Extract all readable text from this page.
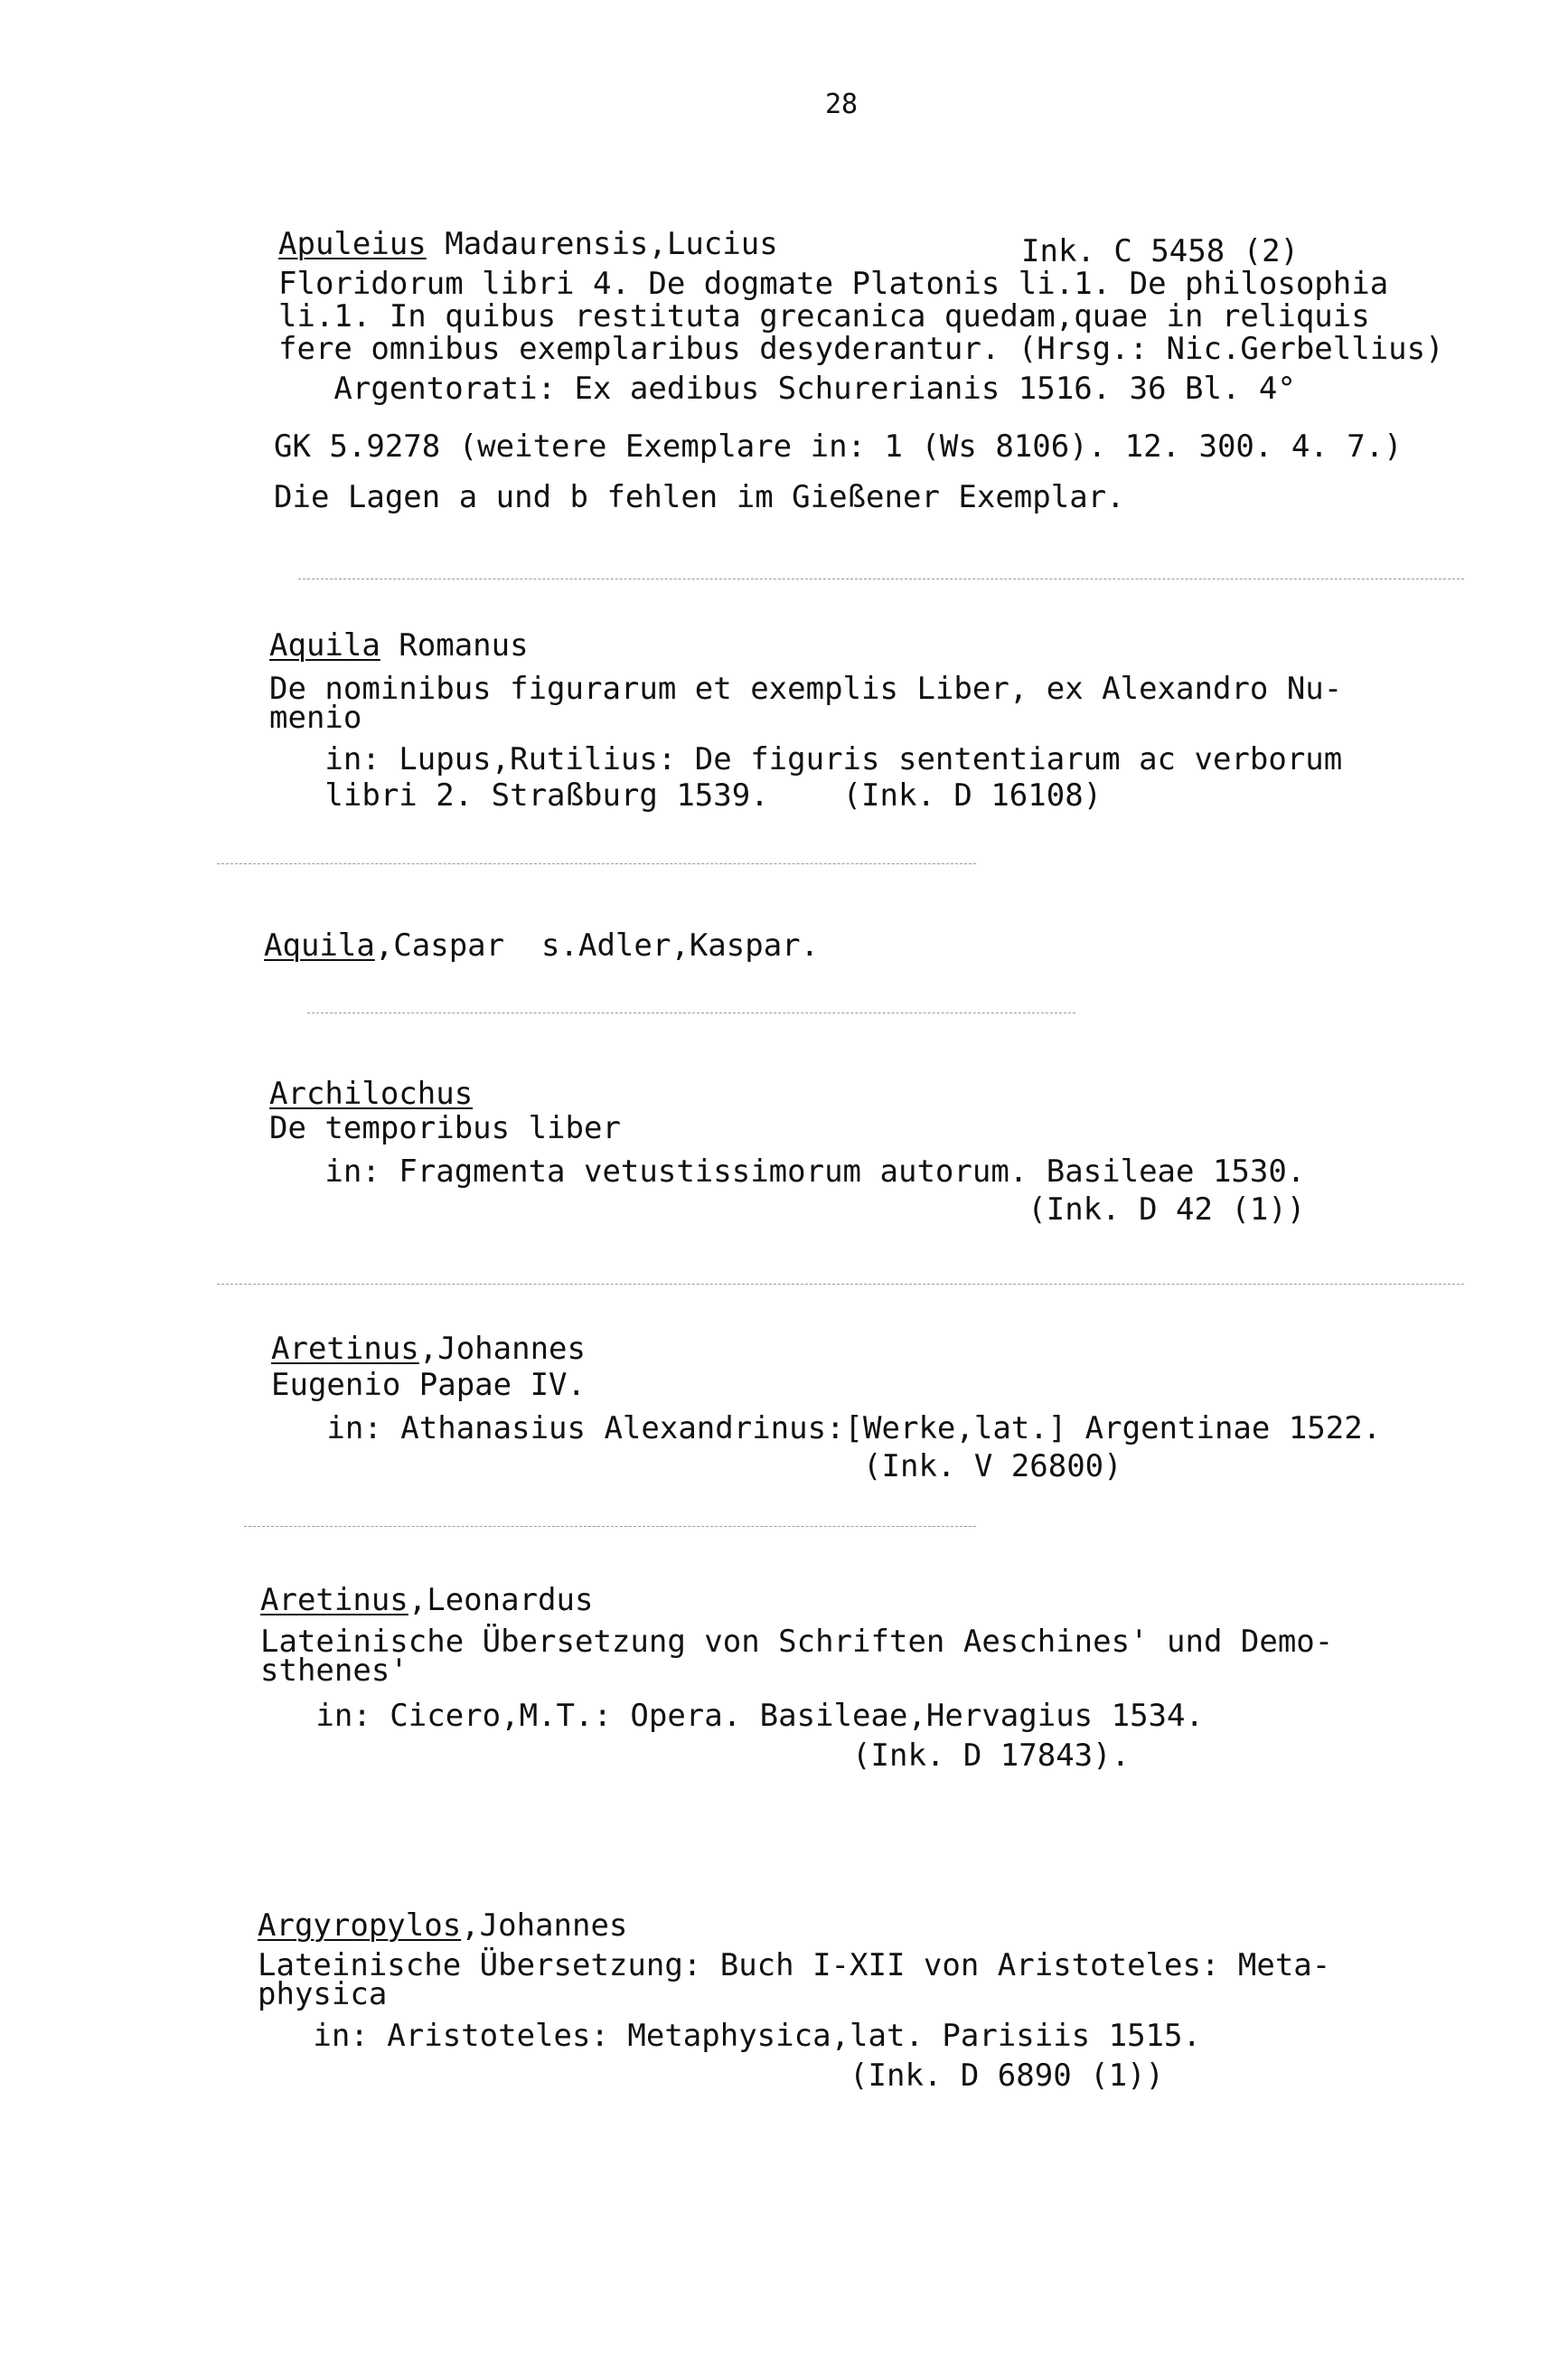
28
Apuleius Madaurensis,Lucius	Ink. C 5458 (2)
Floridorum libri 4. De dogmate Platonis li.1. De philosophia
li.1. In quibus restituta grecanica quedam,quae in reliquis
fere omnibus exemplaribus desyderantur. (Hrsg.: Nic.Gerbellius)
Argentorati: Ex aedibus Schurerianis 1516. 36 Bl. 4°
GK 5.9278 (weitere Exemplare in: 1 (Ws 8106). 12. 300. 4. 7.)
Die Lagen a und b fehlen im Gießener Exemplar.
Aquila Romanus
De nominibus figurarum et exemplis Liber, ex Alexandro Nu-
menio
in: Lupus,Rutilius: De figuris sententiarum ac verborum
libri 2. Straßburg 1539.    (Ink. D 16108)
Aquila,Caspar  s.Adler,Kaspar.
Archilochus
De temporibus liber
in: Fragmenta vetustissimorum autorum. Basileae 1530.
(Ink. D 42 (1))
Aretinus,Johannes
Eugenio Papae IV.
in: Athanasius Alexandrinus:[Werke,lat.] Argentinae 1522.
(Ink. V 26800)
Aretinus,Leonardus
Lateinische Übersetzung von Schriften Aeschines' und Demo-
sthenes'
in: Cicero,M.T.: Opera. Basileae,Hervagius 1534.
(Ink. D 17843).
Argyropylos,Johannes
Lateinische Übersetzung: Buch I-XII von Aristoteles: Meta-
physica
in: Aristoteles: Metaphysica,lat. Parisiis 1515.
(Ink. D 6890 (1))
